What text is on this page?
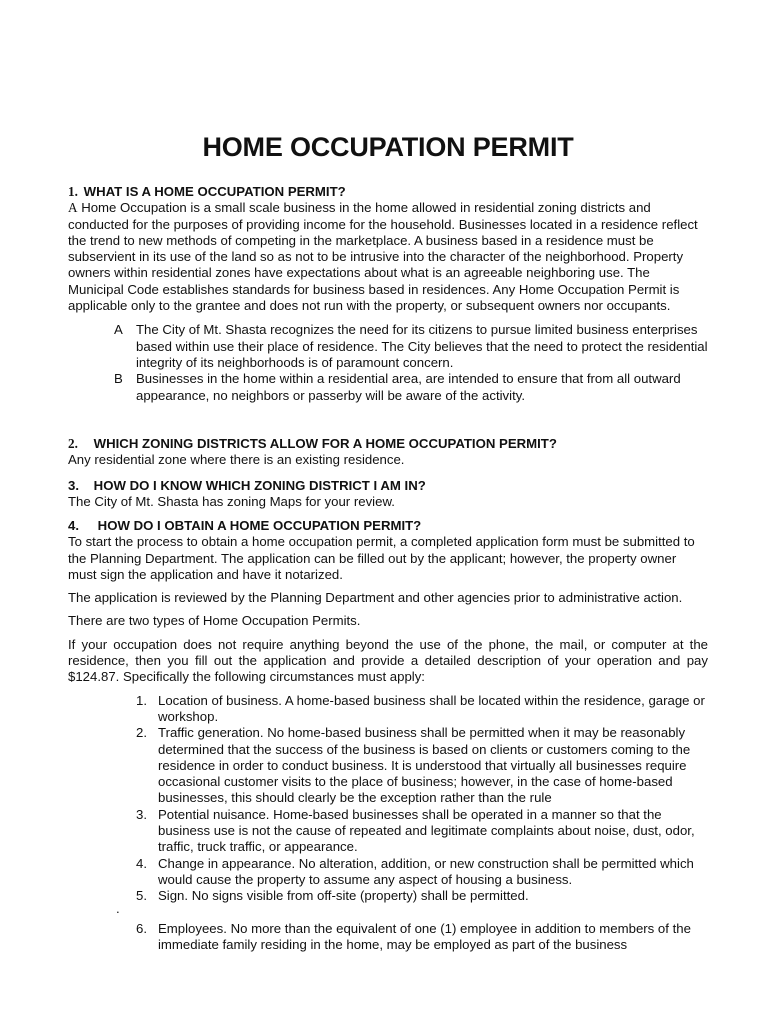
HOME OCCUPATION PERMIT
1. WHAT IS A HOME OCCUPATION PERMIT?

A Home Occupation is a small scale business in the home allowed in residential zoning districts and conducted for the purposes of providing income for the household. Businesses located in a residence reflect the trend to new methods of competing in the marketplace. A business based in a residence must be subservient in its use of the land so as not to be intrusive into the character of the neighborhood. Property owners within residential zones have expectations about what is an agreeable neighboring use. The Municipal Code establishes standards for business based in residences. Any Home Occupation Permit is applicable only to the grantee and does not run with the property, or subsequent owners nor occupants.

A The City of Mt. Shasta recognizes the need for its citizens to pursue limited business enterprises based within use their place of residence. The City believes that the need to protect the residential integrity of its neighborhoods is of paramount concern.
B Businesses in the home within a residential area, are intended to ensure that from all outward appearance, no neighbors or passerby will be aware of the activity.
2. WHICH ZONING DISTRICTS ALLOW FOR A HOME OCCUPATION PERMIT?

Any residential zone where there is an existing residence.

3. HOW DO I KNOW WHICH ZONING DISTRICT I AM IN?

The City of Mt. Shasta has zoning Maps for your review.

4. HOW DO I OBTAIN A HOME OCCUPATION PERMIT?

To start the process to obtain a home occupation permit, a completed application form must be submitted to the Planning Department. The application can be filled out by the applicant; however, the property owner must sign the application and have it notarized.

The application is reviewed by the Planning Department and other agencies prior to administrative action.

There are two types of Home Occupation Permits.

If your occupation does not require anything beyond the use of the phone, the mail, or computer at the residence, then you fill out the application and provide a detailed description of your operation and pay $124.87. Specifically the following circumstances must apply:

1. Location of business. A home-based business shall be located within the residence, garage or workshop.
2. Traffic generation. No home-based business shall be permitted when it may be reasonably determined that the success of the business is based on clients or customers coming to the residence in order to conduct business. It is understood that virtually all businesses require occasional customer visits to the place of business; however, in the case of home-based businesses, this should clearly be the exception rather than the rule
3. Potential nuisance. Home-based businesses shall be operated in a manner so that the business use is not the cause of repeated and legitimate complaints about noise, dust, odor, traffic, truck traffic, or appearance.
4. Change in appearance. No alteration, addition, or new construction shall be permitted which would cause the property to assume any aspect of housing a business.
5. Sign. No signs visible from off-site (property) shall be permitted.
.
6. Employees. No more than the equivalent of one (1) employee in addition to members of the immediate family residing in the home, may be employed as part of the business
